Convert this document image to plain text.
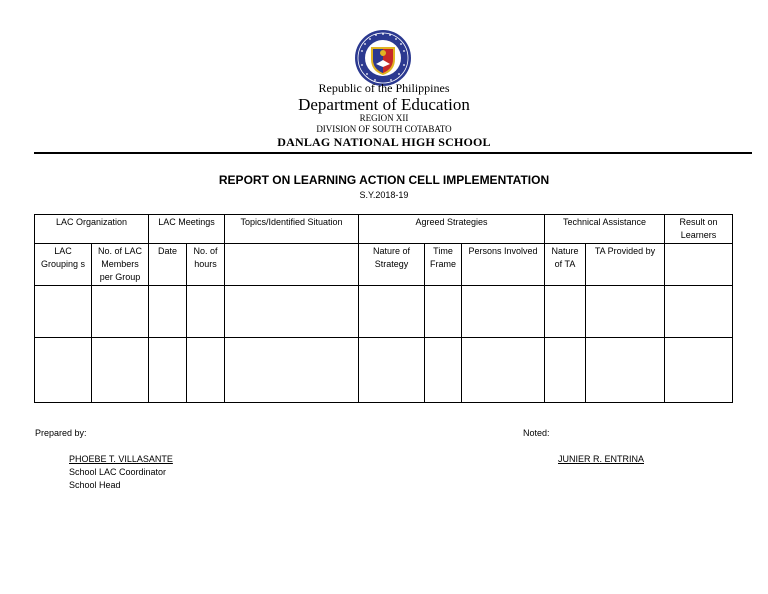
Republic of the Philippines
Department of Education
REGION XII
DIVISION OF SOUTH COTABATO
DANLAG NATIONAL HIGH SCHOOL
REPORT ON LEARNING ACTION CELL IMPLEMENTATION
S.Y.2018-19
LAC Organization		LAC Meetings		Topics/Identified Situation	Agreed Strategies			Technical Assistance		Result on Learners
LAC Grouping s	No. of LAC Members per Group	Date	No. of hours		Nature of Strategy	Time Frame	Persons Involved	Nature of TA	TA Provided by	

Prepared by:
PHOEBE T. VILLASANTE
School LAC Coordinator
School Head
Noted:
JUNIER R. ENTRINA
